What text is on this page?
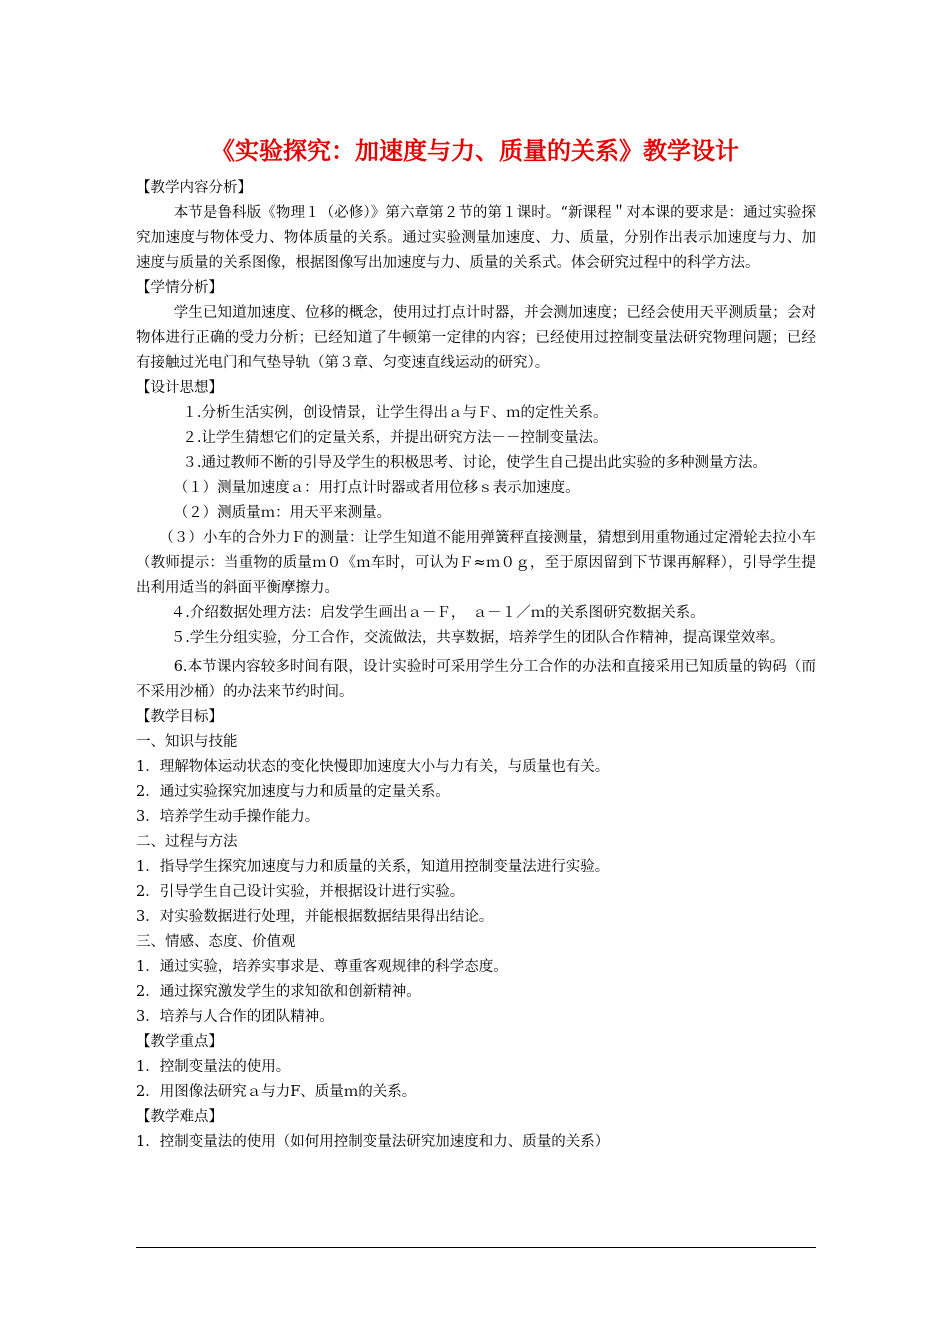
《实验探究：加速度与力、质量的关系》教学设计

【教学内容分析】

本节是鲁科版《物理１（必修）》第六章第２节的第１课时。“新课程＂对本课的要求是：通过实验探究加速度与物体受力、物体质量的关系。通过实验测量加速度、力、质量，分别作出表示加速度与力、加速度与质量的关系图像，根据图像写出加速度与力、质量的关系式。体会研究过程中的科学方法。

【学情分析】

学生已知道加速度、位移的概念，使用过打点计时器，并会测加速度；已经会使用天平测质量；会对物体进行正确的受力分析；已经知道了牛顿第一定律的内容；已经使用过控制变量法研究物理问题；已经有接触过光电门和气垫导轨（第３章、匀变速直线运动的研究）。

【设计思想】

１.分析生活实例，创设情景，让学生得出ａ与Ｆ、ｍ的定性关系。

２.让学生猜想它们的定量关系，并提出研究方法－－控制变量法。

３.通过教师不断的引导及学生的积极思考、讨论，使学生自己提出此实验的多种测量方法。

（１）测量加速度ａ：用打点计时器或者用位移ｓ表示加速度。

（２）测质量ｍ：用天平来测量。

（３）小车的合外力Ｆ的测量：让学生知道不能用弹簧秤直接测量，猜想到用重物通过定滑轮去拉小车（教师提示：当重物的质量ｍ０《ｍ车时，可认为Ｆ≈ｍ０ｇ，至于原因留到下节课再解释），引导学生提出利用适当的斜面平衡摩擦力。

４.介绍数据处理方法：启发学生画出ａ－Ｆ，　ａ－１／ｍ的关系图研究数据关系。

５.学生分组实验，分工合作，交流做法，共享数据，培养学生的团队合作精神，提高课堂效率。

6.本节课内容较多时间有限，设计实验时可采用学生分工合作的办法和直接采用已知质量的钩码（而不采用沙桶）的办法来节约时间。

【教学目标】

一、知识与技能

1．理解物体运动状态的变化快慢即加速度大小与力有关，与质量也有关。

2．通过实验探究加速度与力和质量的定量关系。

3．培养学生动手操作能力。

二、过程与方法

1．指导学生探究加速度与力和质量的关系，知道用控制变量法进行实验。

2．引导学生自己设计实验，并根据设计进行实验。

3．对实验数据进行处理，并能根据数据结果得出结论。

三、情感、态度、价值观

1．通过实验，培养实事求是、尊重客观规律的科学态度。

2．通过探究激发学生的求知欲和创新精神。

3．培养与人合作的团队精神。

【教学重点】

1．控制变量法的使用。

2．用图像法研究ａ与力F、质量ｍ的关系。

【教学难点】

1．控制变量法的使用（如何用控制变量法研究加速度和力、质量的关系）
